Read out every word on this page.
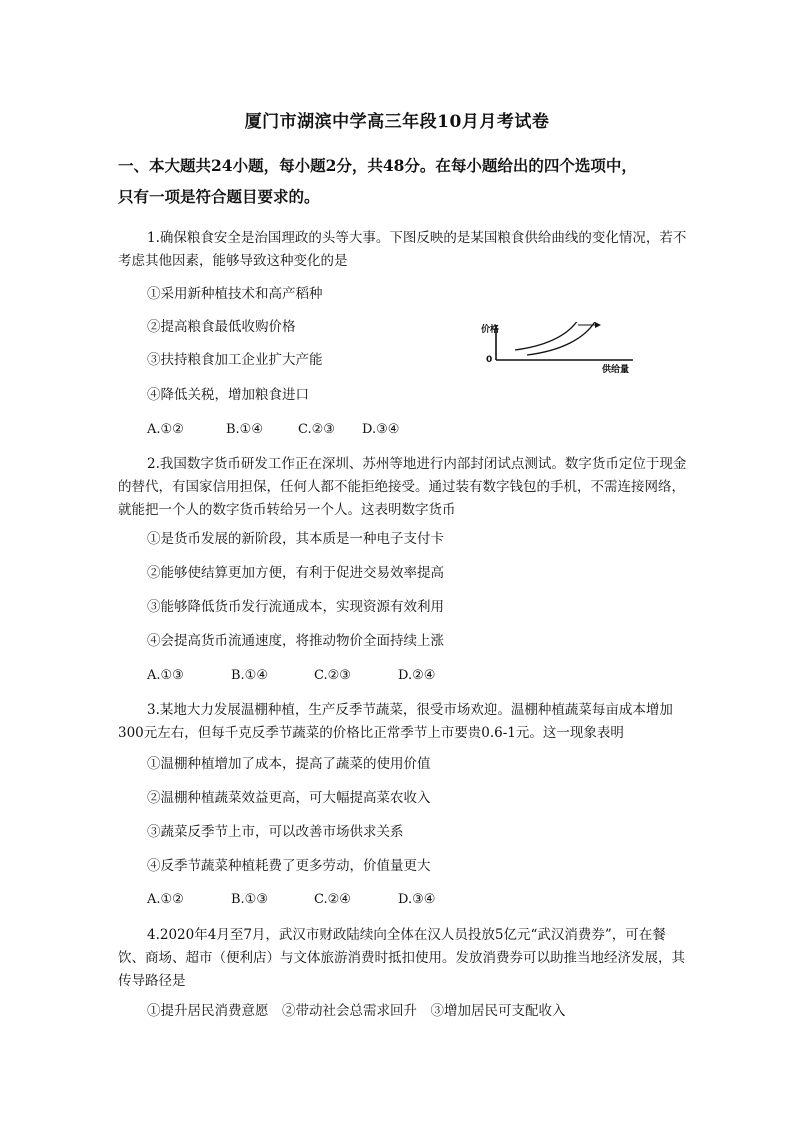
厦门市湖滨中学高三年段10月月考试卷
一、本大题共24小题，每小题2分，共48分。在每小题给出的四个选项中，
只有一项是符合题目要求的。

1.确保粮食安全是治国理政的头等大事。下图反映的是某国粮食供给曲线的变化情况，若不考虑其他因素，能够导致这种变化的是

①采用新种植技术和高产稻种
②提高粮食最低收购价格
③扶持粮食加工企业扩大产能
④降低关税，增加粮食进口
A.①②	B.①④	C.②③ D.③④
价格
0
供给量

2.我国数字货币研发工作正在深圳、苏州等地进行内部封闭试点测试。数字货币定位于现金的替代，有国家信用担保，任何人都不能拒绝接受。通过装有数字钱包的手机，不需连接网络，就能把一个人的数字货币转给另一个人。这表明数字货币

①是货币发展的新阶段，其本质是一种电子支付卡
②能够使结算更加方便，有利于促进交易效率提高
③能够降低货币发行流通成本，实现资源有效利用
④会提高货币流通速度，将推动物价全面持续上涨
A.①③	B.①④	C.②③	D.②④

3.某地大力发展温棚种植，生产反季节蔬菜，很受市场欢迎。温棚种植蔬菜每亩成本增加300元左右，但每千克反季节蔬菜的价格比正常季节上市要贵0.6-1元。这一现象表明

①温棚种植增加了成本，提高了蔬菜的使用价值
②温棚种植蔬菜效益更高，可大幅提高菜农收入
③蔬菜反季节上市，可以改善市场供求关系
④反季节蔬菜种植耗费了更多劳动，价值量更大
A.①②	B.①③	C.②④	D.③④

4.2020年4月至7月，武汉市财政陆续向全体在汉人员投放5亿元“武汉消费券”，可在餐饮、商场、超市（便利店）与文体旅游消费时抵扣使用。发放消费券可以助推当地经济发展，其传导路径是

①提升居民消费意愿　②带动社会总需求回升　③增加居民可支配收入
